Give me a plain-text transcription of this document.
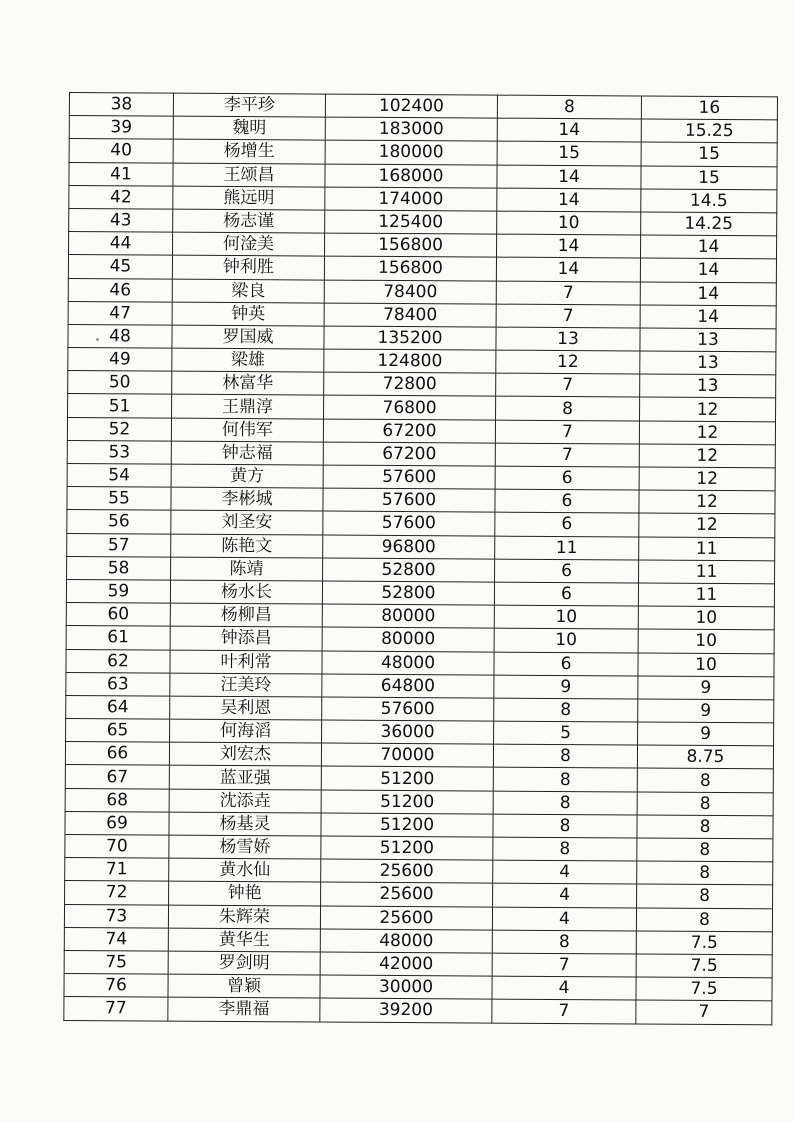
38	李平珍	102400	8	16
39	魏明	183000	14	15.25
40	杨增生	180000	15	15
41	王颂昌	168000	14	15
42	熊远明	174000	14	14.5
43	杨志谨	125400	10	14.25
44	何淦美	156800	14	14
45	钟利胜	156800	14	14
46	梁良	78400	7	14
47	钟英	78400	7	14
48	罗国威	135200	13	13
49	梁雄	124800	12	13
50	林富华	72800	7	13
51	王鼎淳	76800	8	12
52	何伟军	67200	7	12
53	钟志福	67200	7	12
54	黄方	57600	6	12
55	李彬城	57600	6	12
56	刘圣安	57600	6	12
57	陈艳文	96800	11	11
58	陈靖	52800	6	11
59	杨水长	52800	6	11
60	杨柳昌	80000	10	10
61	钟添昌	80000	10	10
62	叶利常	48000	6	10
63	汪美玲	64800	9	9
64	吴利恩	57600	8	9
65	何海滔	36000	5	9
66	刘宏杰	70000	8	8.75
67	蓝亚强	51200	8	8
68	沈添垚	51200	8	8
69	杨基灵	51200	8	8
70	杨雪娇	51200	8	8
71	黄水仙	25600	4	8
72	钟艳	25600	4	8
73	朱辉荣	25600	4	8
74	黄华生	48000	8	7.5
75	罗剑明	42000	7	7.5
76	曾颖	30000	4	7.5
77	李鼎福	39200	7	7
